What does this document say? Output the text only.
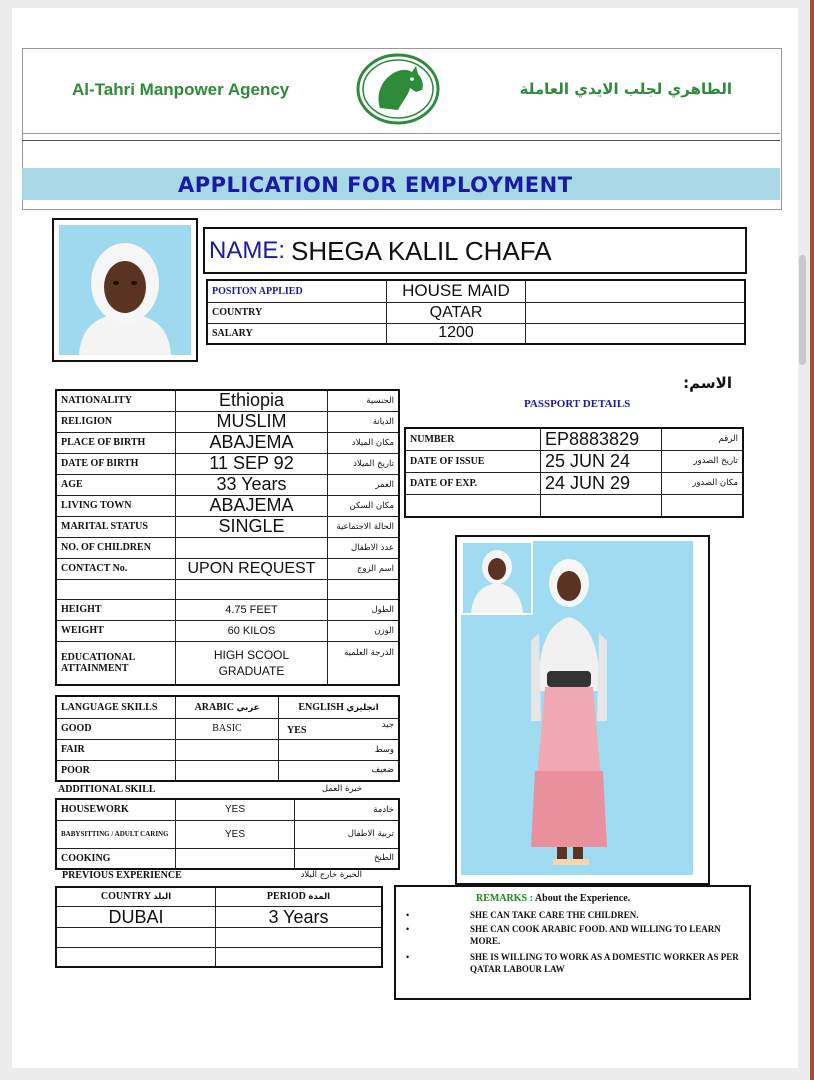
Al-Tahri Manpower Agency	الطاهري لجلب الايدي العاملة
APPLICATION FOR EMPLOYMENT
NAME: SHEGA KALIL CHAFA
POSITON APPLIED	HOUSE MAID	
COUNTRY	QATAR	
SALARY	1200	
الاسم:
NATIONALITY	Ethiopia	الجنسية
RELIGION	MUSLIM	الديانة
PLACE OF BIRTH	ABAJEMA	مكان الميلاد
DATE OF BIRTH	11 SEP 92	تاريخ الميلاد
AGE	33 Years	العمر
LIVING TOWN	ABAJEMA	مكان السكن
MARITAL STATUS	SINGLE	الحالة الاجتماعية
NO. OF CHILDREN		عدد الاطفال
CONTACT No.	UPON REQUEST	اسم الزوج

HEIGHT	4.75 FEET	الطول
WEIGHT	60 KILOS	الوزن
EDUCATIONAL ATTAINMENT	HIGH SCOOL GRADUATE	الدرجة العلمية
PASSPORT DETAILS
NUMBER	EP8883829	الرقم
DATE OF ISSUE	25 JUN 24	تاريخ الصدور
DATE OF EXP.	24 JUN 29	مكان الصدور

LANGUAGE SKILLS	ARABIC عربي	ENGLISH انجليزي
GOOD	BASIC	YES جيد

FAIR		وسط

POOR		ضعيف
ADDITIONAL SKILL	خبرة العمل
HOUSEWORK	YES	خادمة
BABYSITTING / ADULT CARING	YES	تربية الاطفال
COOKING		الطبخ
PREVIOUS EXPERIENCE	الخبرة خارج البلاد
COUNTRY البلد	PERIOD المدة
DUBAI	3 Years

REMARKS : About the Experience.
•	SHE CAN TAKE CARE THE CHILDREN.
•	SHE CAN COOK ARABIC FOOD. AND WILLING TO LEARN MORE.
•	SHE IS WILLING TO WORK AS A DOMESTIC WORKER AS PER QATAR LABOUR LAW
